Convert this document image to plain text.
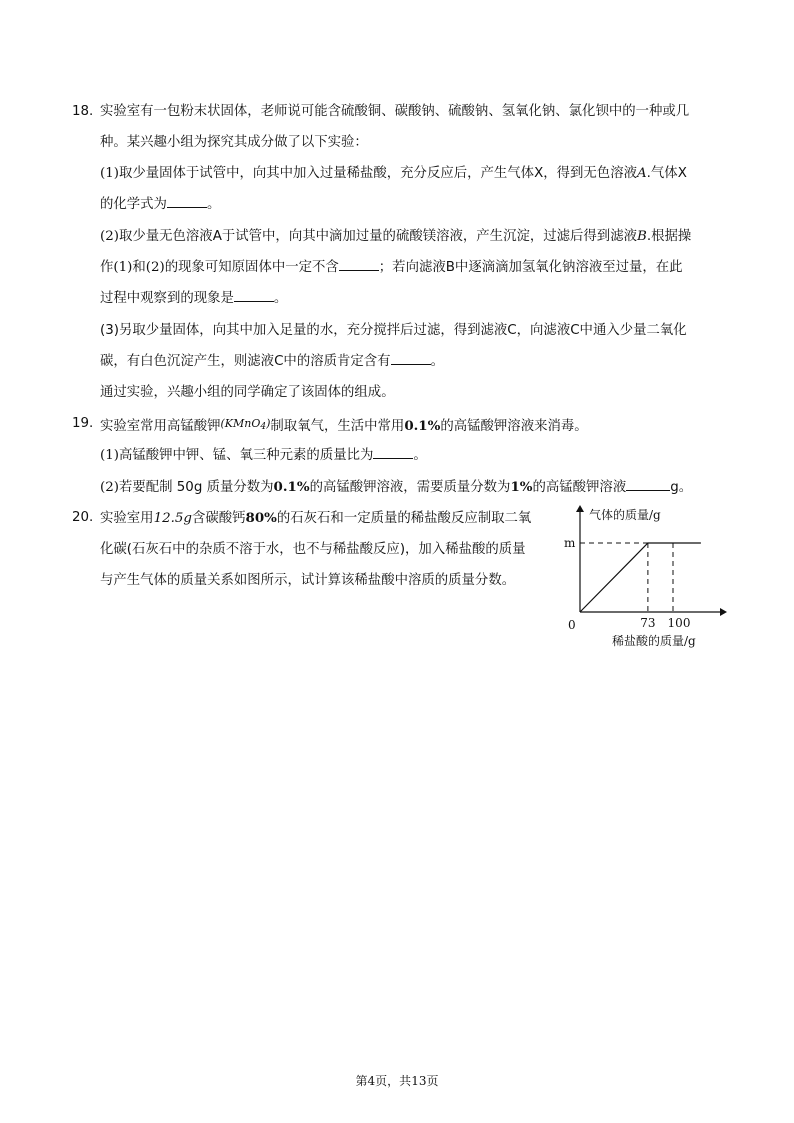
18. 实验室有一包粉末状固体，老师说可能含硫酸铜、碳酸钠、硫酸钠、氢氧化钠、氯化钡中的一种或几
种。某兴趣小组为探究其成分做了以下实验：
(1)取少量固体于试管中，向其中加入过量稀盐酸，充分反应后，产生气体X，得到无色溶液A.气体X
的化学式为	。
(2)取少量无色溶液A于试管中，向其中滴加过量的硫酸镁溶液，产生沉淀，过滤后得到滤液B.根据操
作(1)和(2)的现象可知原固体中一定不含	；若向滤液B中逐滴滴加氢氧化钠溶液至过量，在此
过程中观察到的现象是	。
(3)另取少量固体，向其中加入足量的水，充分搅拌后过滤，得到滤液C，向滤液C中通入少量二氧化
碳，有白色沉淀产生，则滤液C中的溶质肯定含有	。
通过实验，兴趣小组的同学确定了该固体的组成。
19. 实验室常用高锰酸钾$^{(KMnO_4)}$制取氧气，生活中常用0.1%的高锰酸钾溶液来消毒。
(1)高锰酸钾中钾、锰、氧三种元素的质量比为	。
(2)若要配制 50g 质量分数为0.1%的高锰酸钾溶液，需要质量分数为1%的高锰酸钾溶液	g。
20. 实验室用12.5g含碳酸钙80%的石灰石和一定质量的稀盐酸反应制取二氧
化碳(石灰石中的杂质不溶于水，也不与稀盐酸反应)，加入稀盐酸的质量
与产生气体的质量关系如图所示，试计算该稀盐酸中溶质的质量分数。
气体的质量/g
稀盐酸的质量/g
0
m
73 100
第4页，共13页
